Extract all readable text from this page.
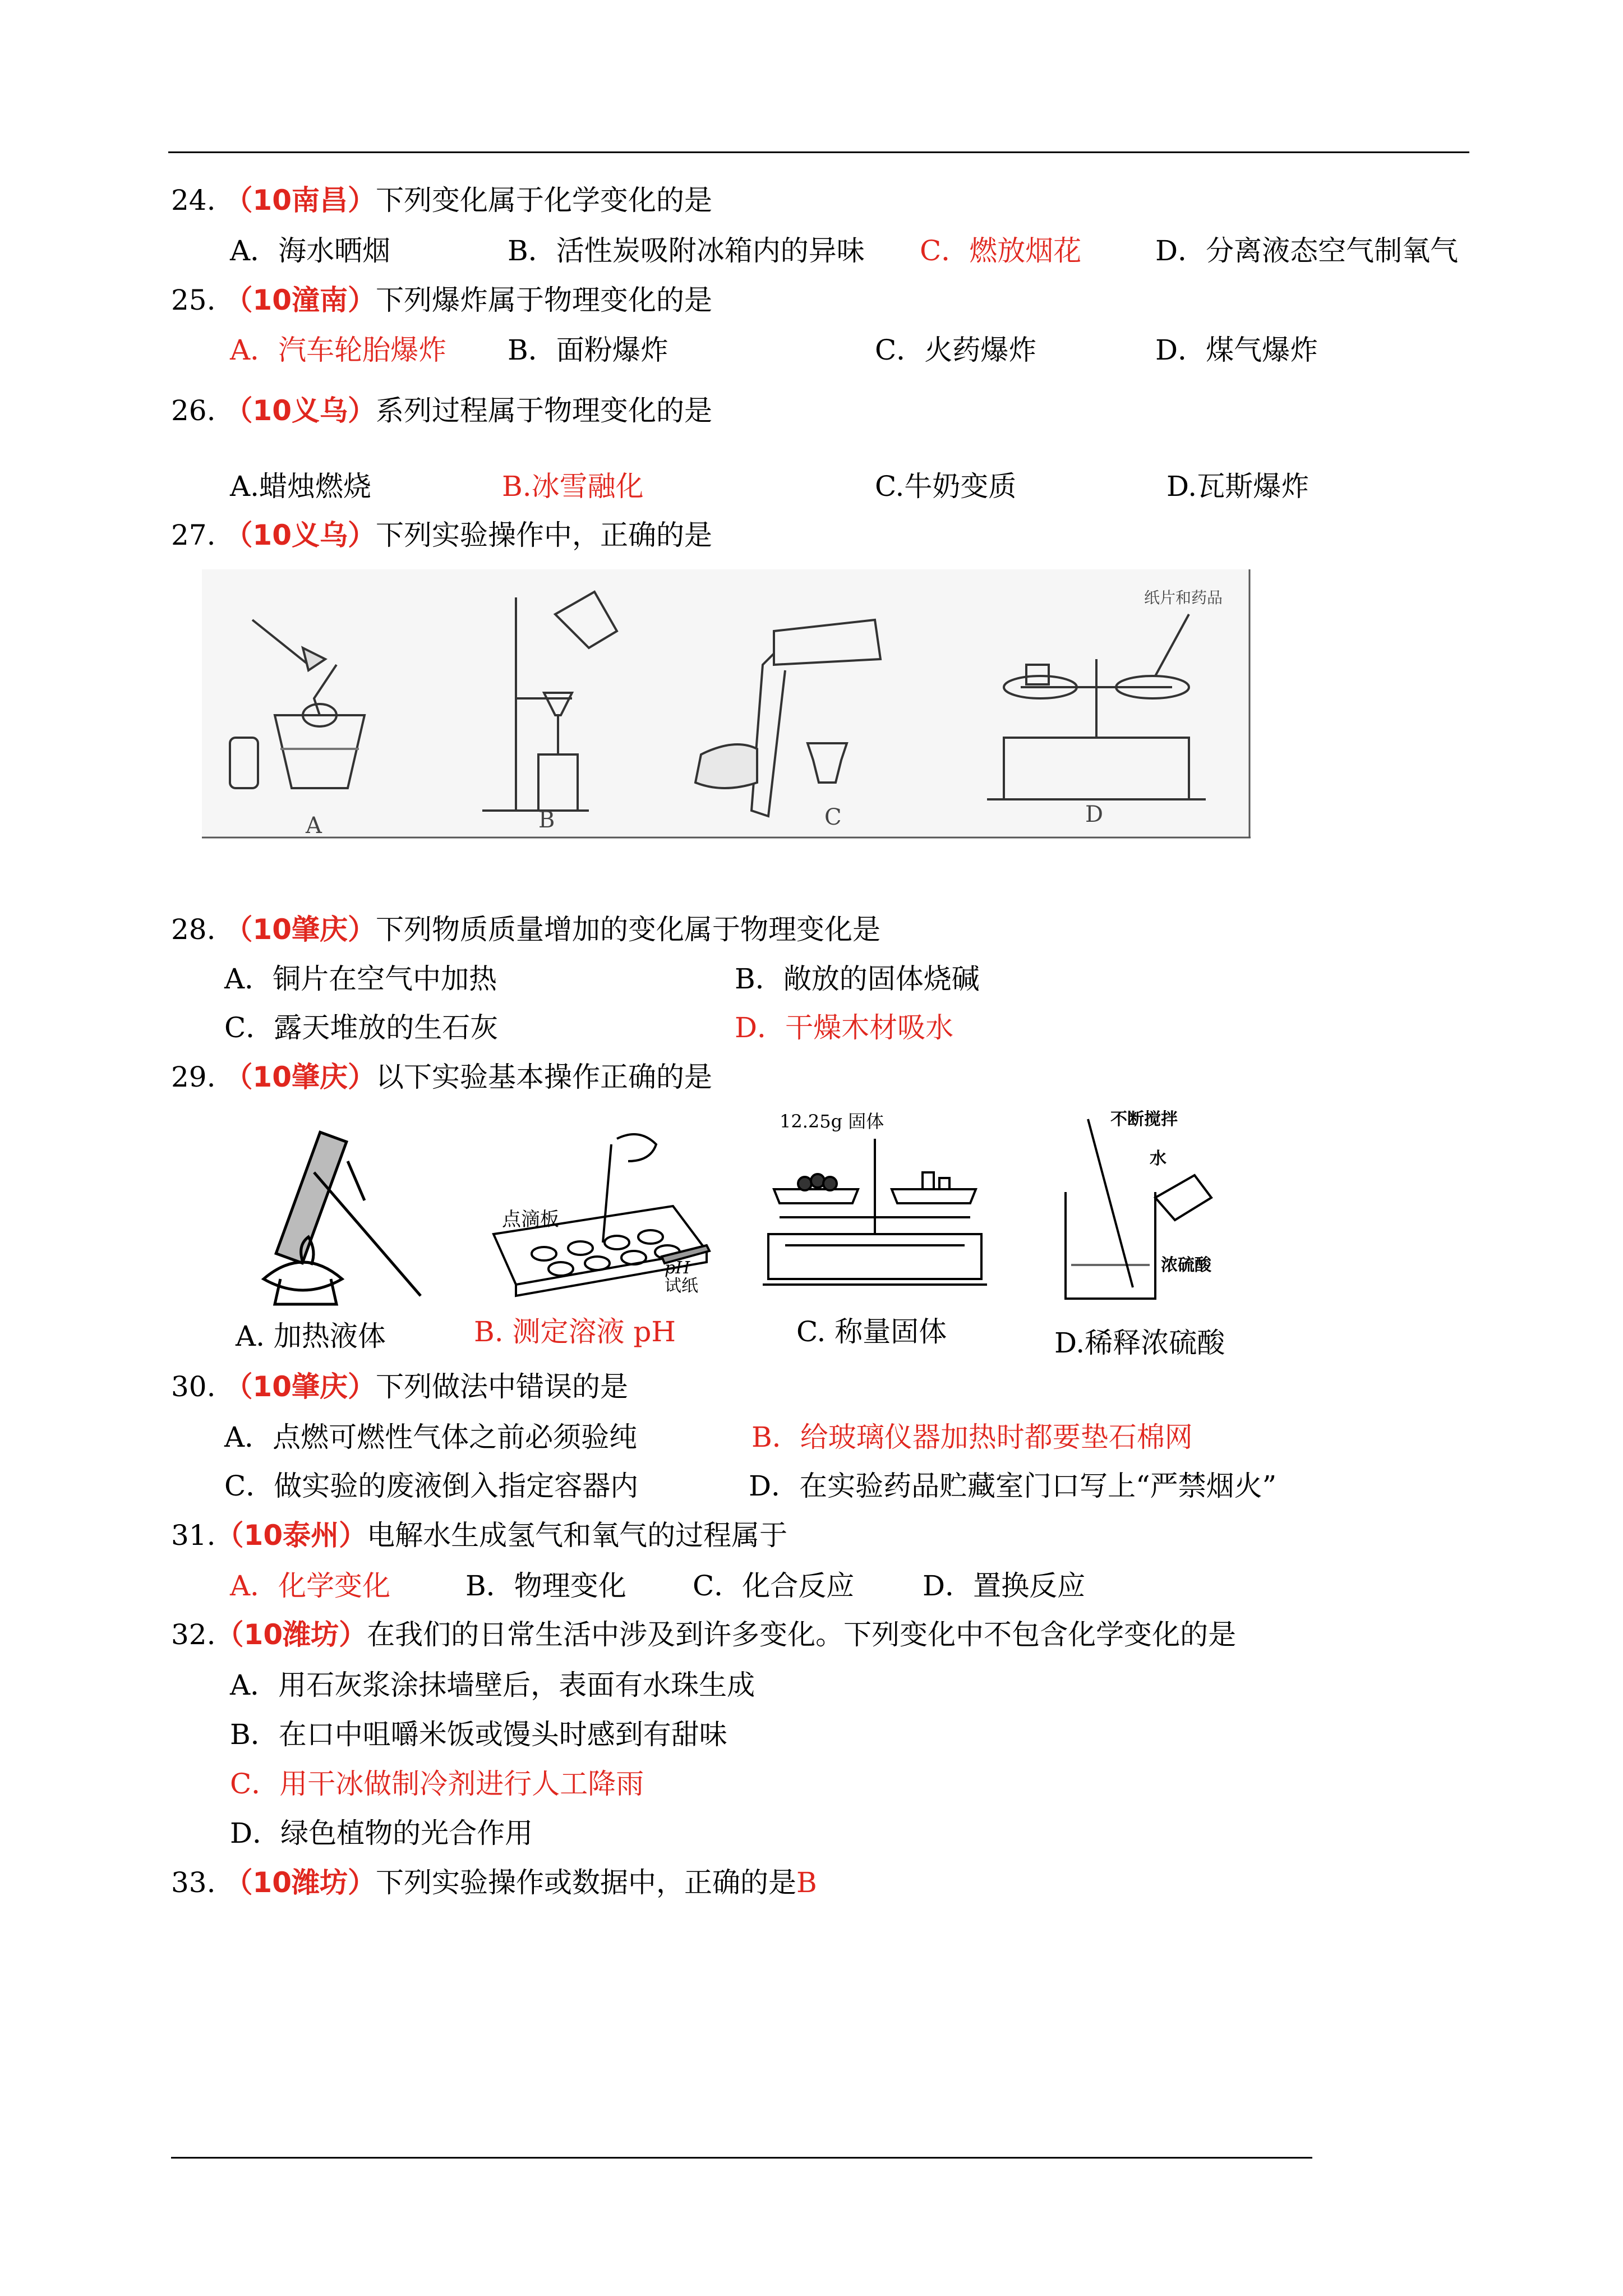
24. （10南昌）下列变化属于化学变化的是
A．海水晒烟	B．活性炭吸附冰箱内的异味 C．燃放烟花	D．分离液态空气制氧气
25. （10潼南）下列爆炸属于物理变化的是
A．汽车轮胎爆炸 B．面粉爆炸	C．火药爆炸	D．煤气爆炸
26. （10义乌）系列过程属于物理变化的是
A.蜡烛燃烧	B.冰雪融化	C.牛奶变质	D.瓦斯爆炸
27. （10义乌）下列实验操作中，正确的是
A	B	C	D
纸片和药品
28. （10肇庆）下列物质质量增加的变化属于物理变化是
A．铜片在空气中加热	B．敞放的固体烧碱
C．露天堆放的生石灰	D．干燥木材吸水
29. （10肇庆）以下实验基本操作正确的是
点滴板
pH
试纸
12.25g 固体	不断搅拌
水
浓硫酸
A. 加热液体	B. 测定溶液 pH	C. 称量固体	D.稀释浓硫酸
30. （10肇庆）下列做法中错误的是
A．点燃可燃性气体之前必须验纯	B．给玻璃仪器加热时都要垫石棉网
C．做实验的废液倒入指定容器内	D．在实验药品贮藏室门口写上“严禁烟火”
31.（10泰州）电解水生成氢气和氧气的过程属于
A．化学变化	B．物理变化 C．化合反应 D．置换反应
32.（10潍坊）在我们的日常生活中涉及到许多变化。下列变化中不包含化学变化的是
A．用石灰浆涂抹墙壁后，表面有水珠生成
B．在口中咀嚼米饭或馒头时感到有甜味
C．用干冰做制冷剂进行人工降雨
D．绿色植物的光合作用
33. （10潍坊）下列实验操作或数据中，正确的是B
